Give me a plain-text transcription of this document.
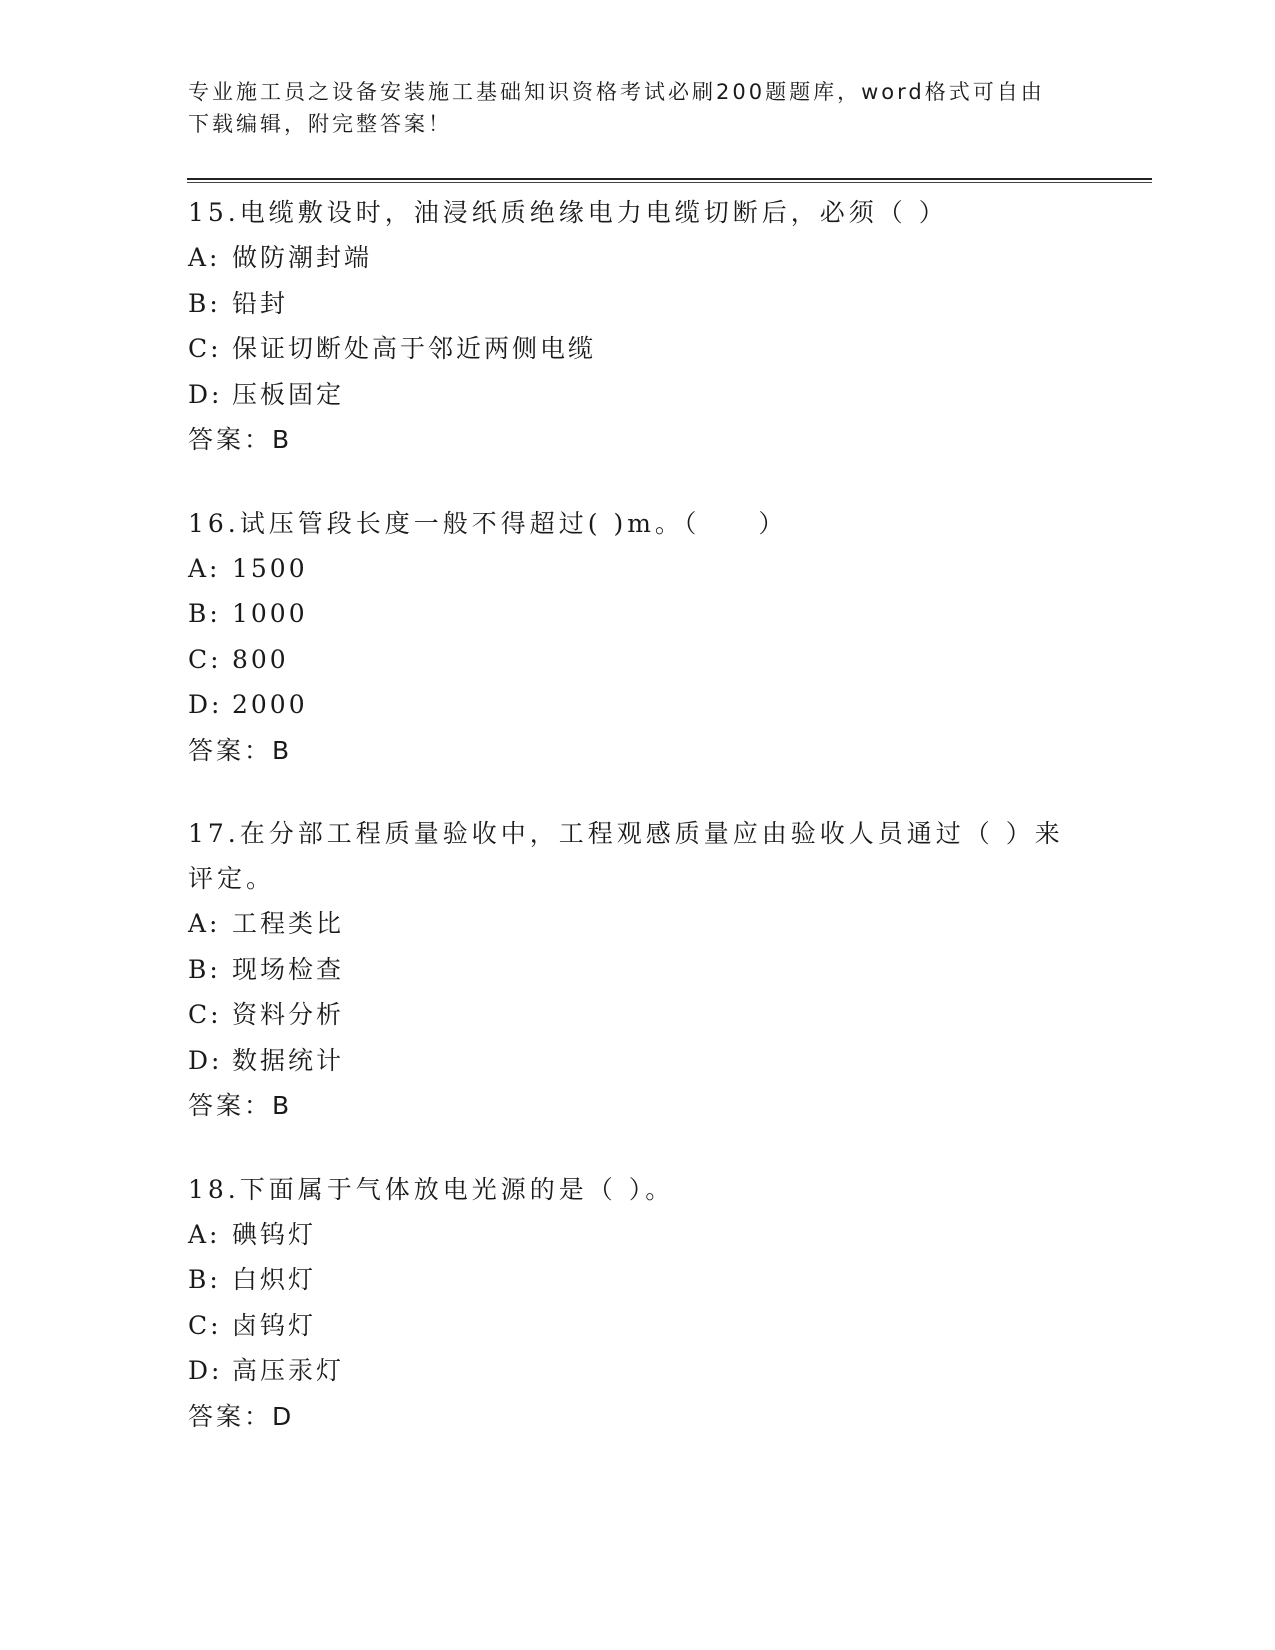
专业施工员之设备安装施工基础知识资格考试必刷200题题库，word格式可自由
下载编辑，附完整答案！
15.电缆敷设时，油浸纸质绝缘电力电缆切断后，必须（ ）
A: 做防潮封端
B: 铅封
C: 保证切断处高于邻近两侧电缆
D: 压板固定
答案：B
16.试压管段长度一般不得超过( )m。（　　）
A: 1500
B: 1000
C: 800
D: 2000
答案：B
17.在分部工程质量验收中，工程观感质量应由验收人员通过（ ）来评定。
A: 工程类比
B: 现场检查
C: 资料分析
D: 数据统计
答案：B
18.下面属于气体放电光源的是（ ）。
A: 碘钨灯
B: 白炽灯
C: 卤钨灯
D: 高压汞灯
答案：D
